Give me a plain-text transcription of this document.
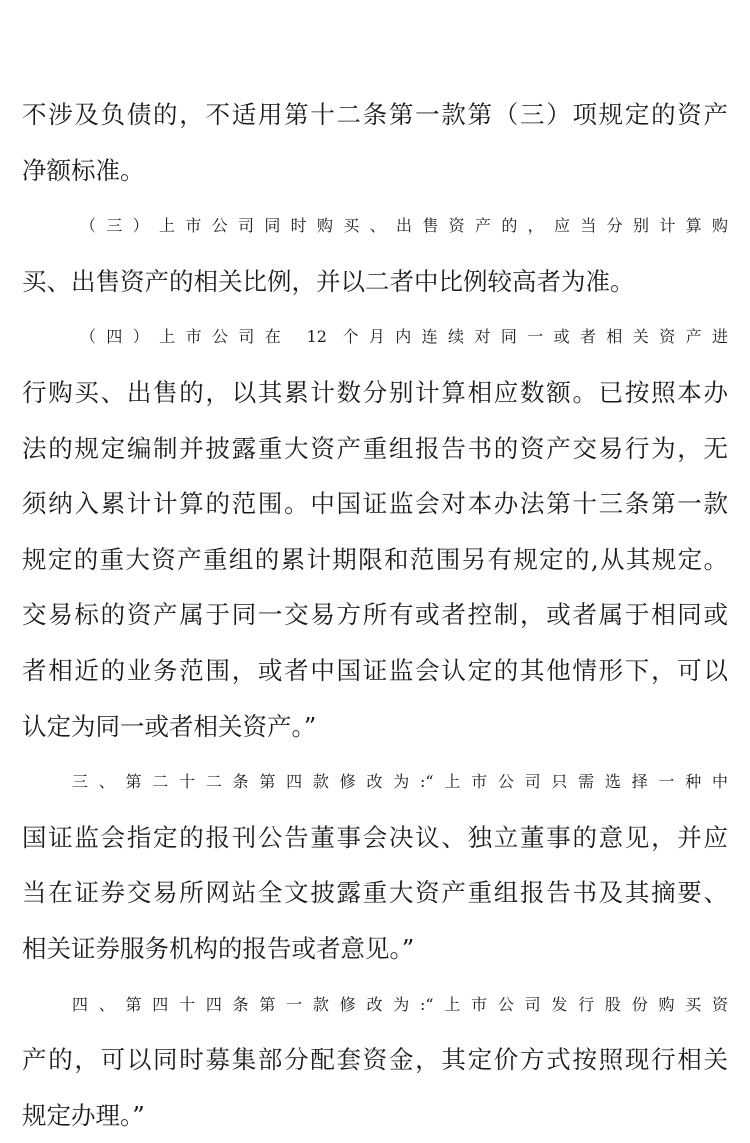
不涉及负债的，不适用第十二条第一款第（三）项规定的资产
净额标准。
（三）上市公司同时购买、出售资产的，应当分别计算购
买、出售资产的相关比例，并以二者中比例较高者为准。
（四）上市公司在 12 个月内连续对同一或者相关资产进
行购买、出售的，以其累计数分别计算相应数额。已按照本办
法的规定编制并披露重大资产重组报告书的资产交易行为，无
须纳入累计计算的范围。中国证监会对本办法第十三条第一款
规定的重大资产重组的累计期限和范围另有规定的,从其规定。
交易标的资产属于同一交易方所有或者控制，或者属于相同或
者相近的业务范围，或者中国证监会认定的其他情形下，可以
认定为同一或者相关资产。”
三、第二十二条第四款修改为:“上市公司只需选择一种中
国证监会指定的报刊公告董事会决议、独立董事的意见，并应
当在证券交易所网站全文披露重大资产重组报告书及其摘要、
相关证券服务机构的报告或者意见。”
四、第四十四条第一款修改为:“上市公司发行股份购买资
产的，可以同时募集部分配套资金，其定价方式按照现行相关
规定办理。”
